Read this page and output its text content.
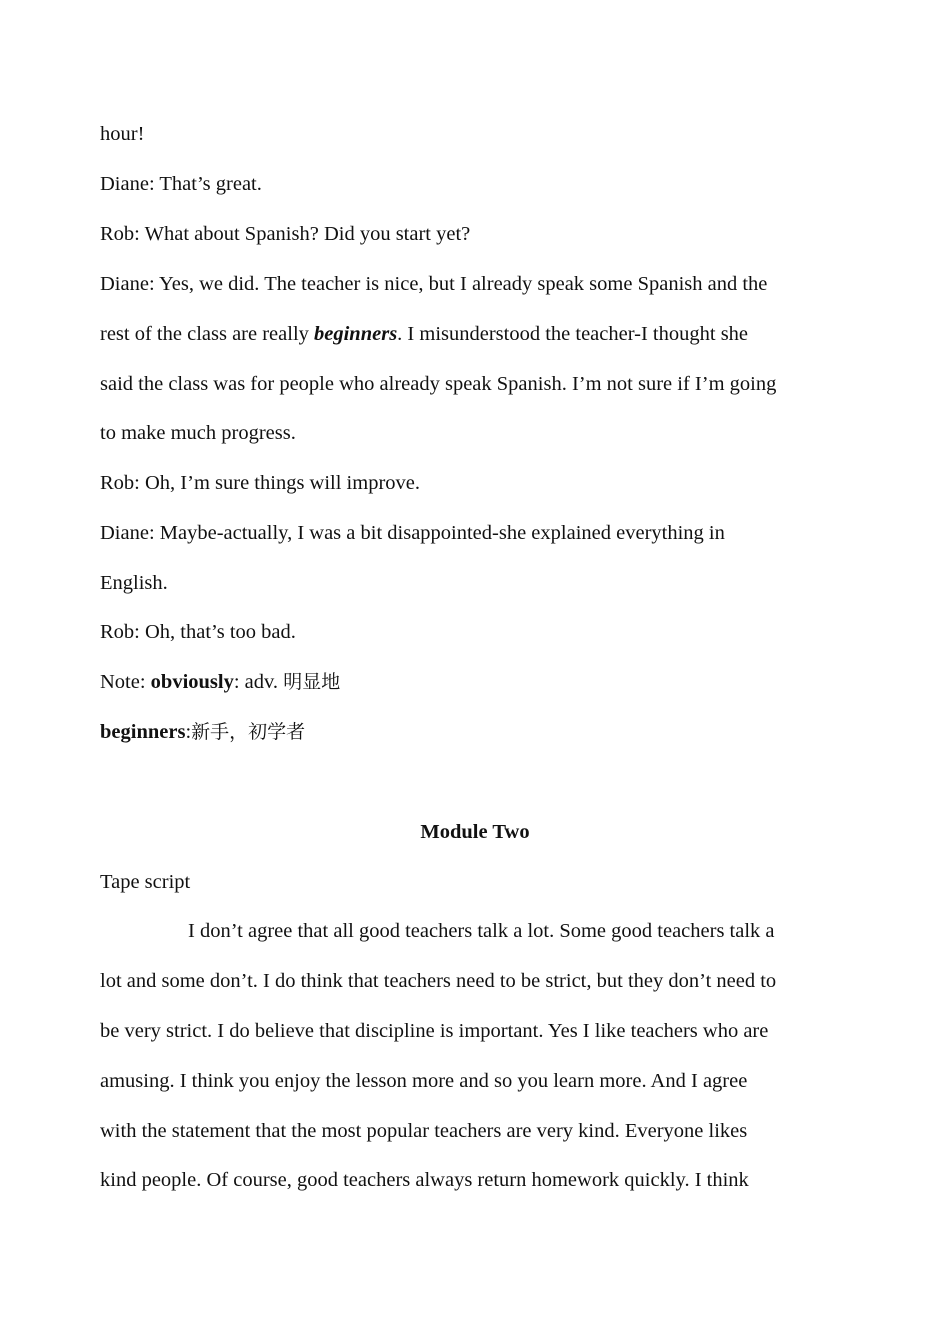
hour!
Diane: That’s great.
Rob: What about Spanish? Did you start yet?
Diane: Yes, we did. The teacher is nice, but I already speak some Spanish and the
rest of the class are really beginners. I misunderstood the teacher-I thought she
said the class was for people who already speak Spanish. I’m not sure if I’m going
to make much progress.
Rob: Oh, I’m sure things will improve.
Diane: Maybe-actually, I was a bit disappointed-she explained everything in
English.
Rob: Oh, that’s too bad.
Note: obviously: adv. 明显地
beginners:新手，初学者
Module Two
Tape script
I don’t agree that all good teachers talk a lot. Some good teachers talk a
lot and some don’t. I do think that teachers need to be strict, but they don’t need to
be very strict. I do believe that discipline is important. Yes I like teachers who are
amusing. I think you enjoy the lesson more and so you learn more. And I agree
with the statement that the most popular teachers are very kind. Everyone likes
kind people. Of course, good teachers always return homework quickly. I think
